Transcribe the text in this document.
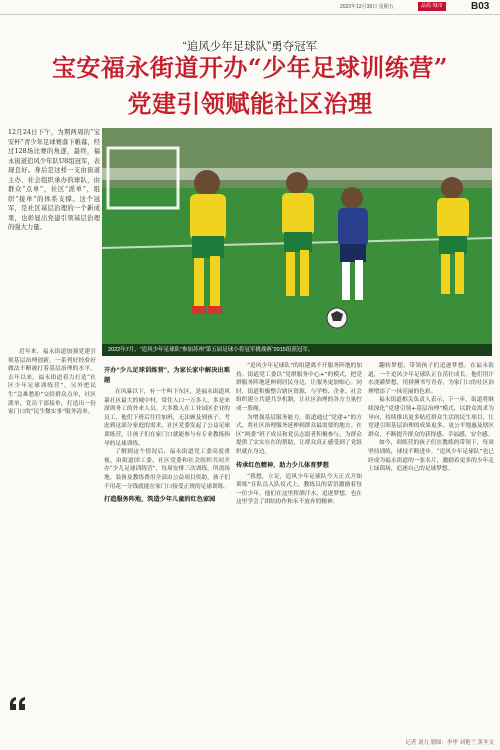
2022年12月30日 星期五	品质·城市	B03
“追风少年足球队”勇夺冠军
宝安福永街道开办“少年足球训练营”
党建引领赋能社区治理
12月24日下午，为期两周的“宝安杯”青少年足球赛落下帷幕，经过128场比赛的角逐，最终，福永街道追风少年队U8组冠军，表现良好。身后是这样一支由街道主办、社会组织承办的球队，由群众“点单”，社区“派单”，组织“接单”的体系支撑。这个冠军，是社区基层治理的一个新成果，也彰显出党建引领基层治理的强大力量。
2022年7月，“追风少年足球队”参加苏州“第五届足球小将冠军挑战赛”2015组获冠军。

近年来，福永街道加强党建引领基层治理创新，一系列好经验好做法不断被打着基层治理的水平。去年以来，福永街道着力打造“社区少年足球训练营”，另外把民生“急难愁盼”交给群众点单，社区派单、党员干部接单，打造出一份家门口的“民生微实事”服务清单。

开办“少儿足球训练营”，为家长家中解决出难题

在风暴以下，有一个叫下东区，是福永街道风暴社区最大的城中村，常住人口一万多人，多是来深圳务工的外来人员。大多数人在工业园区企业的员工，他们下班后往往加班，无法顾及到孩子。考虑到这部分家庭的需求，社区党委发起了公益足球训练营，让孩子们在家门口就能参与有专业教练指导的足球训练。

了解到这个情况后，福永街道党工委高度重视，由街道团工委、社区党委和社会组织共同开办“少儿足球训练营”，每周安排三次训练，所需场地、装备及教练费用全部由公益项目资助，孩子们不用花一分钱就能在家门口接受正规的足球训练。

打造服务阵地，筑造少年儿童的红色家园

“追风少年足球队”的组建离不开服务阵地的加持。街道党工委以“党群服务中心+”的模式，把党群服务阵地延伸到居民身边，让服务更加贴心。同时，街道积极整合辖区资源，与学校、企业、社会组织建立共建共享机制，让社区治理的各方力量拧成一股绳。

为增强基层服务能力，街道通过“党建+”的方式，将社区治理服务延伸到群众最需要的地方。社区“两委”班子成员和党员志愿者积极参与，为群众提供了实实在在的帮助，让群众真正感受到了党组织就在身边。

传承红色精神，助力少儿体育梦想

“我想，立足，追风少年足球队今天正式开始训练”在队员入队仪式上，教练员的话语激励着每一位少年。他们在这里挥洒汗水、追逐梦想，也在这里学会了团结协作和永不放弃的精神。

翻转梦想，带领孩子们追逐梦想。在福永街道，一个追风少年足球队正在茁壮成长。他们用汗水浇灌梦想，用拼搏书写青春，为家门口的社区治理增添了一抹亮丽的色彩。

福永街道相关负责人表示，下一步，街道将继续深化“党建引领+基层治理”模式，以群众需求为导向，持续推出更多贴近群众生活的民生项目，让党建引领基层治理的成果更多、更公平地惠及辖区群众，不断提升群众的获得感、幸福感、安全感。

如今，训练营的孩子们在教练的带领下，每周坚持训练，球技不断进步。“追风少年足球队”也已经成为福永街道的一张名片，激励着更多的少年走上绿茵场，追逐自己的足球梦想。

记者 刘力 制图：李华 刘艳兰 黄冬文
